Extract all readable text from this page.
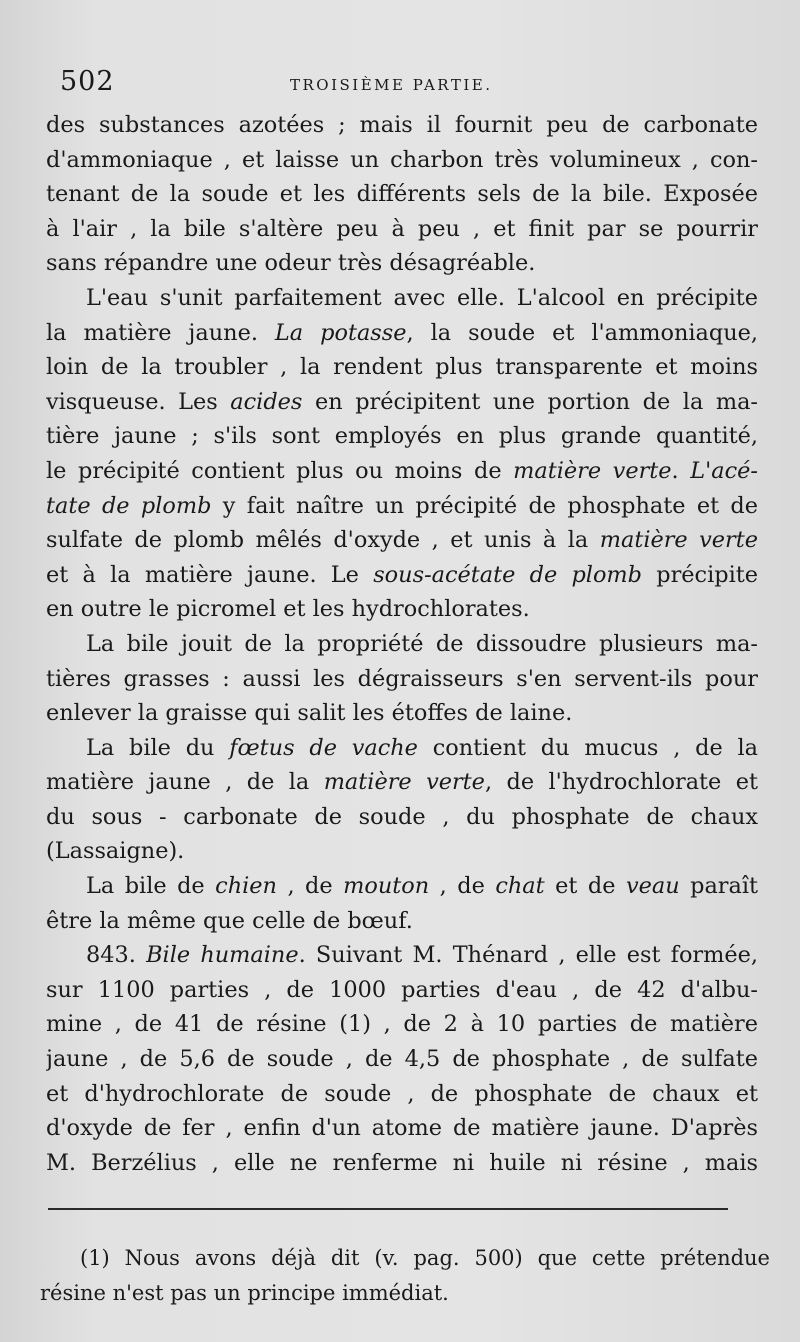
502	TROISIÈME PARTIE.
des substances azotées ; mais il fournit peu de carbonate
d'ammoniaque , et laisse un charbon très volumineux , con-
tenant de la soude et les différents sels de la bile. Exposée
à l'air , la bile s'altère peu à peu , et finit par se pourrir
sans répandre une odeur très désagréable.
L'eau s'unit parfaitement avec elle. L'alcool en précipite
la matière jaune. La potasse, la soude et l'ammoniaque,
loin de la troubler , la rendent plus transparente et moins
visqueuse. Les acides en précipitent une portion de la ma-
tière jaune ; s'ils sont employés en plus grande quantité,
le précipité contient plus ou moins de matière verte. L'acé-
tate de plomb y fait naître un précipité de phosphate et de
sulfate de plomb mêlés d'oxyde , et unis à la matière verte
et à la matière jaune. Le sous-acétate de plomb précipite
en outre le picromel et les hydrochlorates.
La bile jouit de la propriété de dissoudre plusieurs ma-
tières grasses : aussi les dégraisseurs s'en servent-ils pour
enlever la graisse qui salit les étoffes de laine.
La bile du fœtus de vache contient du mucus , de la
matière jaune , de la matière verte, de l'hydrochlorate et
du sous - carbonate de soude , du phosphate de chaux
(Lassaigne).
La bile de chien , de mouton , de chat et de veau paraît
être la même que celle de bœuf.
843. Bile humaine. Suivant M. Thénard , elle est formée,
sur 1100 parties , de 1000 parties d'eau , de 42 d'albu-
mine , de 41 de résine (1) , de 2 à 10 parties de matière
jaune , de 5,6 de soude , de 4,5 de phosphate , de sulfate
et d'hydrochlorate de soude , de phosphate de chaux et
d'oxyde de fer , enfin d'un atome de matière jaune. D'après
M. Berzélius , elle ne renferme ni huile ni résine , mais
(1) Nous avons déjà dit (v. pag. 500) que cette prétendue
résine n'est pas un principe immédiat.
